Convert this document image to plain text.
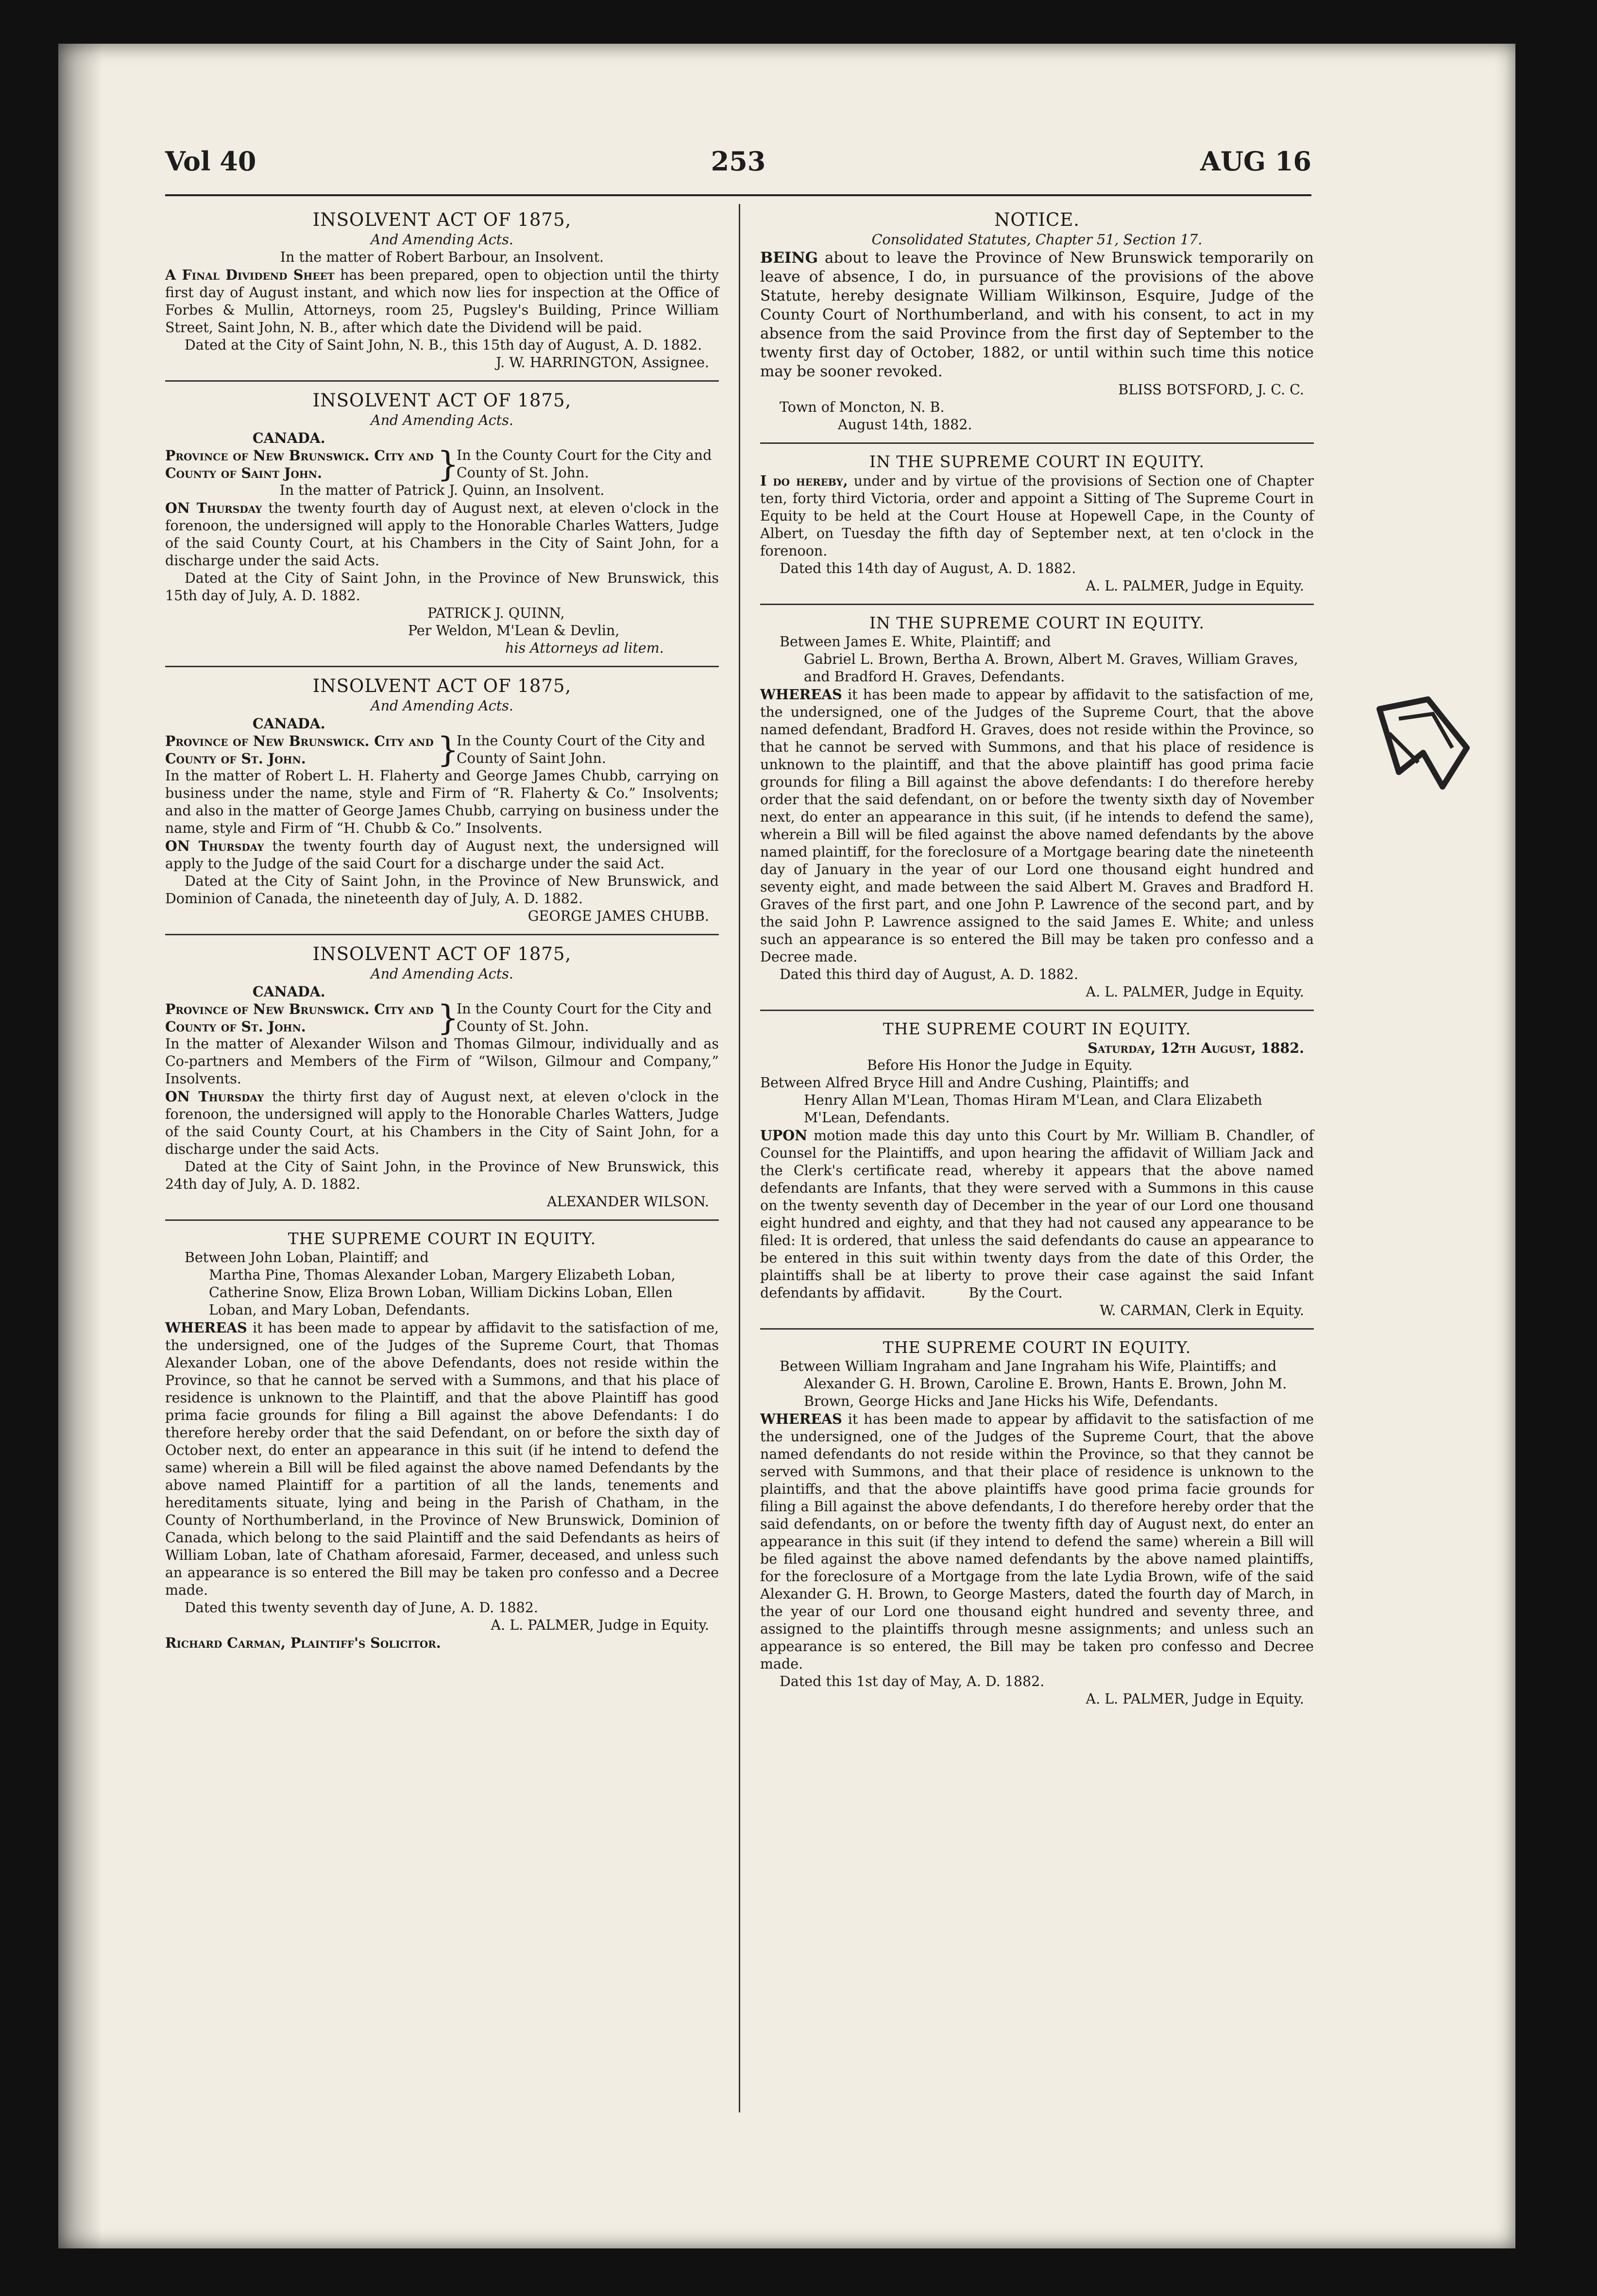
Vol 40	253	AUG 16
INSOLVENT ACT OF 1875,
And Amending Acts.
In the matter of Robert Barbour, an Insolvent.

A Final Dividend Sheet has been prepared, open to objection until the thirty first day of August instant, and which now lies for inspection at the Office of Forbes & Mullin, Attorneys, room 25, Pugsley's Building, Prince William Street, Saint John, N. B., after which date the Dividend will be paid.

Dated at the City of Saint John, N. B., this 15th day of August, A. D. 1882.

J. W. HARRINGTON, Assignee.
INSOLVENT ACT OF 1875,
And Amending Acts.
CANADA.
Province of New Brunswick. City and County of Saint John.	}
In the County Court for the City and County of St. John.
In the matter of Patrick J. Quinn, an Insolvent.

ON Thursday the twenty fourth day of August next, at eleven o'clock in the forenoon, the undersigned will apply to the Honorable Charles Watters, Judge of the said County Court, at his Chambers in the City of Saint John, for a discharge under the said Acts.

Dated at the City of Saint John, in the Province of New Brunswick, this 15th day of July, A. D. 1882.

PATRICK J. QUINN,
Per Weldon, M'Lean & Devlin,
his Attorneys ad litem.
INSOLVENT ACT OF 1875,
And Amending Acts.
CANADA.
Province of New Brunswick. City and County of St. John.	}
In the County Court of the City and County of Saint John.

In the matter of Robert L. H. Flaherty and George James Chubb, carrying on business under the name, style and Firm of “R. Flaherty & Co.” Insolvents; and also in the matter of George James Chubb, carrying on business under the name, style and Firm of “H. Chubb & Co.” Insolvents.

ON Thursday the twenty fourth day of August next, the undersigned will apply to the Judge of the said Court for a discharge under the said Act.

Dated at the City of Saint John, in the Province of New Brunswick, and Dominion of Canada, the nineteenth day of July, A. D. 1882.

GEORGE JAMES CHUBB.
INSOLVENT ACT OF 1875,
And Amending Acts.
CANADA.
Province of New Brunswick. City and County of St. John.	}
In the County Court for the City and County of St. John.

In the matter of Alexander Wilson and Thomas Gilmour, individually and as Co-partners and Members of the Firm of “Wilson, Gilmour and Company,” Insolvents.

ON Thursday the thirty first day of August next, at eleven o'clock in the forenoon, the undersigned will apply to the Honorable Charles Watters, Judge of the said County Court, at his Chambers in the City of Saint John, for a discharge under the said Acts.

Dated at the City of Saint John, in the Province of New Brunswick, this 24th day of July, A. D. 1882.

ALEXANDER WILSON.
THE SUPREME COURT IN EQUITY.
Between John Loban, Plaintiff; and
Martha Pine, Thomas Alexander Loban, Margery Elizabeth Loban, Catherine Snow, Eliza Brown Loban, William Dickins Loban, Ellen Loban, and Mary Loban, Defendants.

WHEREAS it has been made to appear by affidavit to the satisfaction of me, the undersigned, one of the Judges of the Supreme Court, that Thomas Alexander Loban, one of the above Defendants, does not reside within the Province, so that he cannot be served with a Summons, and that his place of residence is unknown to the Plaintiff, and that the above Plaintiff has good prima facie grounds for filing a Bill against the above Defendants: I do therefore hereby order that the said Defendant, on or before the sixth day of October next, do enter an appearance in this suit (if he intend to defend the same) wherein a Bill will be filed against the above named Defendants by the above named Plaintiff for a partition of all the lands, tenements and hereditaments situate, lying and being in the Parish of Chatham, in the County of Northumberland, in the Province of New Brunswick, Dominion of Canada, which belong to the said Plaintiff and the said Defendants as heirs of William Loban, late of Chatham aforesaid, Farmer, deceased, and unless such an appearance is so entered the Bill may be taken pro confesso and a Decree made.

Dated this twenty seventh day of June, A. D. 1882.

A. L. PALMER, Judge in Equity.
Richard Carman, Plaintiff's Solicitor.
NOTICE.
Consolidated Statutes, Chapter 51, Section 17.

BEING about to leave the Province of New Brunswick temporarily on leave of absence, I do, in pursuance of the provisions of the above Statute, hereby designate William Wilkinson, Esquire, Judge of the County Court of Northumberland, and with his consent, to act in my absence from the said Province from the first day of September to the twenty first day of October, 1882, or until within such time this notice may be sooner revoked.

BLISS BOTSFORD, J. C. C.
Town of Moncton, N. B.
August 14th, 1882.
IN THE SUPREME COURT IN EQUITY.

I do hereby, under and by virtue of the provisions of Section one of Chapter ten, forty third Victoria, order and appoint a Sitting of The Supreme Court in Equity to be held at the Court House at Hopewell Cape, in the County of Albert, on Tuesday the fifth day of September next, at ten o'clock in the forenoon.

Dated this 14th day of August, A. D. 1882.

A. L. PALMER, Judge in Equity.
IN THE SUPREME COURT IN EQUITY.
Between James E. White, Plaintiff; and
Gabriel L. Brown, Bertha A. Brown, Albert M. Graves, William Graves, and Bradford H. Graves, Defendants.

WHEREAS it has been made to appear by affidavit to the satisfaction of me, the undersigned, one of the Judges of the Supreme Court, that the above named defendant, Bradford H. Graves, does not reside within the Province, so that he cannot be served with Summons, and that his place of residence is unknown to the plaintiff, and that the above plaintiff has good prima facie grounds for filing a Bill against the above defendants: I do therefore hereby order that the said defendant, on or before the twenty sixth day of November next, do enter an appearance in this suit, (if he intends to defend the same), wherein a Bill will be filed against the above named defendants by the above named plaintiff, for the foreclosure of a Mortgage bearing date the nineteenth day of January in the year of our Lord one thousand eight hundred and seventy eight, and made between the said Albert M. Graves and Bradford H. Graves of the first part, and one John P. Lawrence of the second part, and by the said John P. Lawrence assigned to the said James E. White; and unless such an appearance is so entered the Bill may be taken pro confesso and a Decree made.

Dated this third day of August, A. D. 1882.

A. L. PALMER, Judge in Equity.
THE SUPREME COURT IN EQUITY.
Saturday, 12th August, 1882.
Before His Honor the Judge in Equity.
Between Alfred Bryce Hill and Andre Cushing, Plaintiffs; and
Henry Allan M'Lean, Thomas Hiram M'Lean, and Clara Elizabeth M'Lean, Defendants.

UPON motion made this day unto this Court by Mr. William B. Chandler, of Counsel for the Plaintiffs, and upon hearing the affidavit of William Jack and the Clerk's certificate read, whereby it appears that the above named defendants are Infants, that they were served with a Summons in this cause on the twenty seventh day of December in the year of our Lord one thousand eight hundred and eighty, and that they had not caused any appearance to be filed: It is ordered, that unless the said defendants do cause an appearance to be entered in this suit within twenty days from the date of this Order, the plaintiffs shall be at liberty to prove their case against the said Infant defendants by affidavit.	By the Court.

W. CARMAN, Clerk in Equity.
THE SUPREME COURT IN EQUITY.
Between William Ingraham and Jane Ingraham his Wife, Plaintiffs; and
Alexander G. H. Brown, Caroline E. Brown, Hants E. Brown, John M. Brown, George Hicks and Jane Hicks his Wife, Defendants.

WHEREAS it has been made to appear by affidavit to the satisfaction of me the undersigned, one of the Judges of the Supreme Court, that the above named defendants do not reside within the Province, so that they cannot be served with Summons, and that their place of residence is unknown to the plaintiffs, and that the above plaintiffs have good prima facie grounds for filing a Bill against the above defendants, I do therefore hereby order that the said defendants, on or before the twenty fifth day of August next, do enter an appearance in this suit (if they intend to defend the same) wherein a Bill will be filed against the above named defendants by the above named plaintiffs, for the foreclosure of a Mortgage from the late Lydia Brown, wife of the said Alexander G. H. Brown, to George Masters, dated the fourth day of March, in the year of our Lord one thousand eight hundred and seventy three, and assigned to the plaintiffs through mesne assignments; and unless such an appearance is so entered, the Bill may be taken pro confesso and Decree made.

Dated this 1st day of May, A. D. 1882.

A. L. PALMER, Judge in Equity.
